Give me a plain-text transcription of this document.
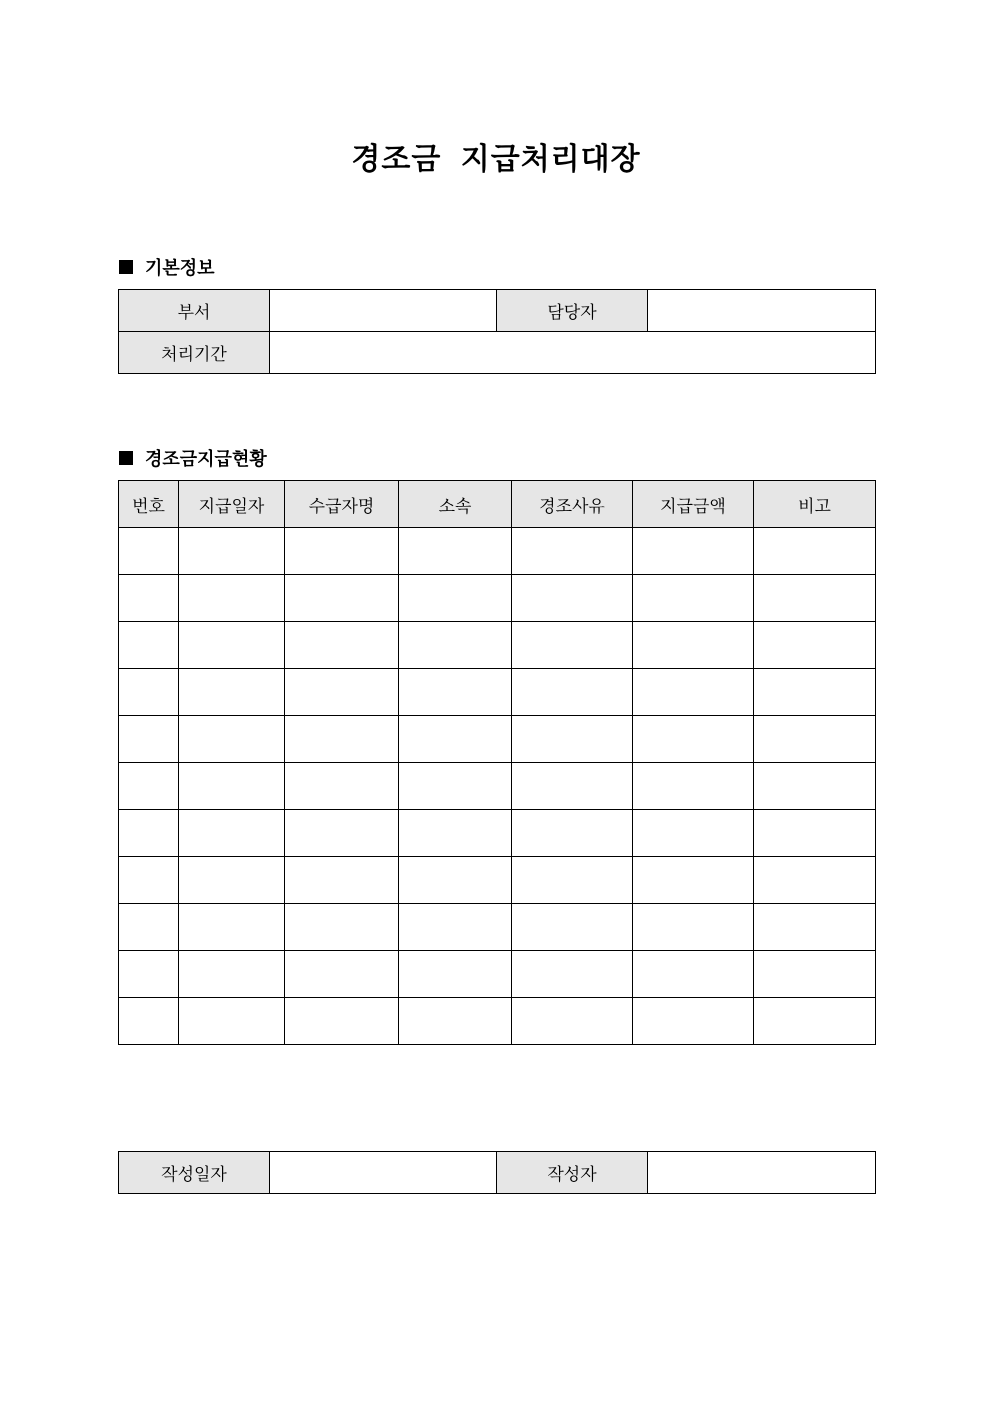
경조금 지급처리대장
기본정보
부서		담당자	
처리기간			
경조금지급현황
번호	지급일자	수급자명	소속	경조사유	지급금액	비고

작성일자		작성자	
